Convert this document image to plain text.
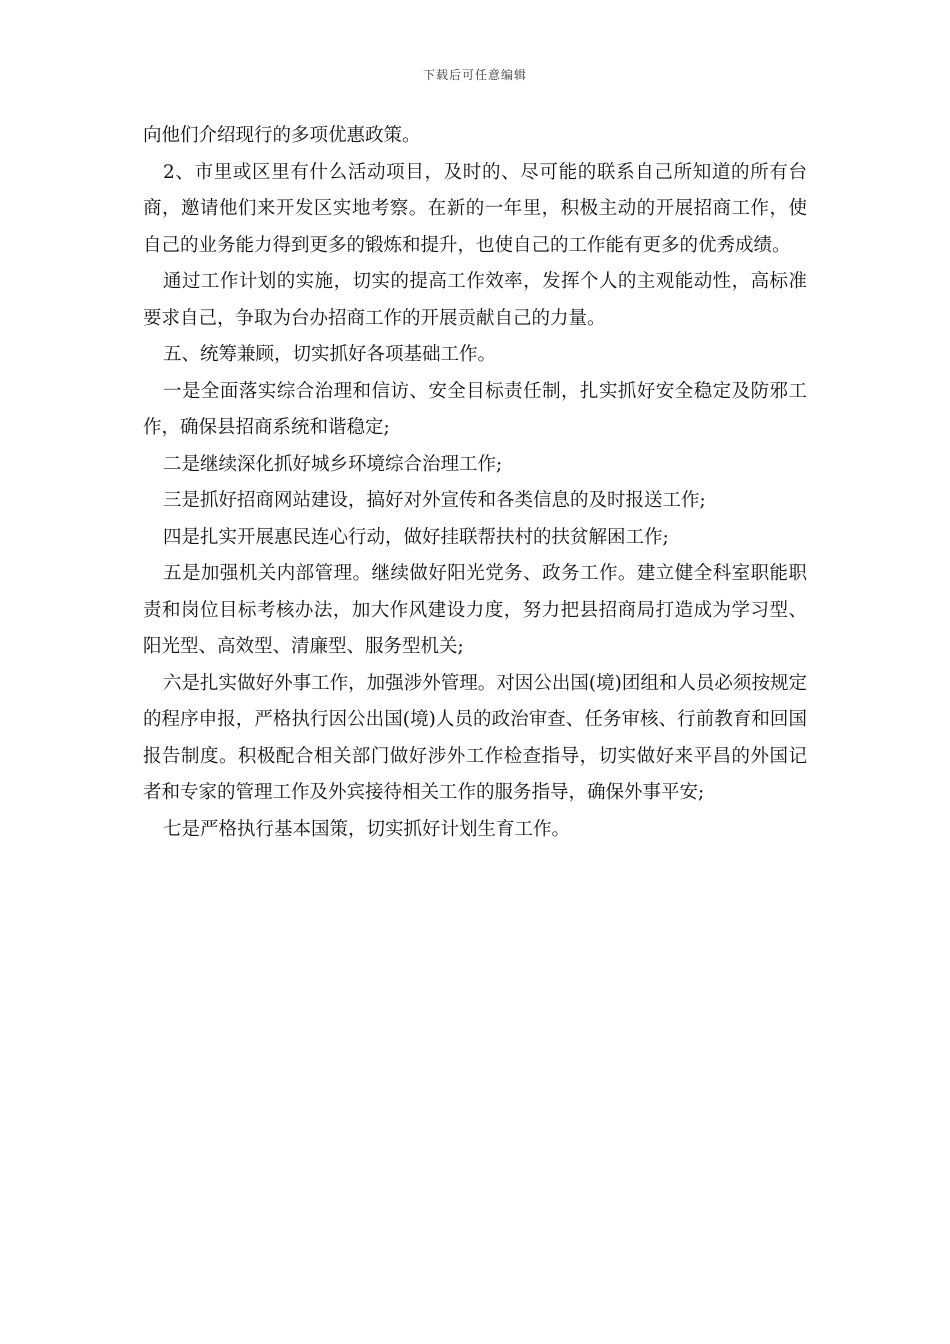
下载后可任意编辑

向他们介绍现行的多项优惠政策。

2、市里或区里有什么活动项目，及时的、尽可能的联系自己所知道的所有台商，邀请他们来开发区实地考察。在新的一年里，积极主动的开展招商工作，使自己的业务能力得到更多的锻炼和提升，也使自己的工作能有更多的优秀成绩。

通过工作计划的实施，切实的提高工作效率，发挥个人的主观能动性，高标准要求自己，争取为台办招商工作的开展贡献自己的力量。

五、统筹兼顾，切实抓好各项基础工作。

一是全面落实综合治理和信访、安全目标责任制，扎实抓好安全稳定及防邪工作，确保县招商系统和谐稳定;

二是继续深化抓好城乡环境综合治理工作;

三是抓好招商网站建设，搞好对外宣传和各类信息的及时报送工作;

四是扎实开展惠民连心行动，做好挂联帮扶村的扶贫解困工作;

五是加强机关内部管理。继续做好阳光党务、政务工作。建立健全科室职能职责和岗位目标考核办法，加大作风建设力度，努力把县招商局打造成为学习型、阳光型、高效型、清廉型、服务型机关;

六是扎实做好外事工作，加强涉外管理。对因公出国(境)团组和人员必须按规定的程序申报，严格执行因公出国(境)人员的政治审查、任务审核、行前教育和回国报告制度。积极配合相关部门做好涉外工作检查指导，切实做好来平昌的外国记者和专家的管理工作及外宾接待相关工作的服务指导，确保外事平安;

七是严格执行基本国策，切实抓好计划生育工作。
